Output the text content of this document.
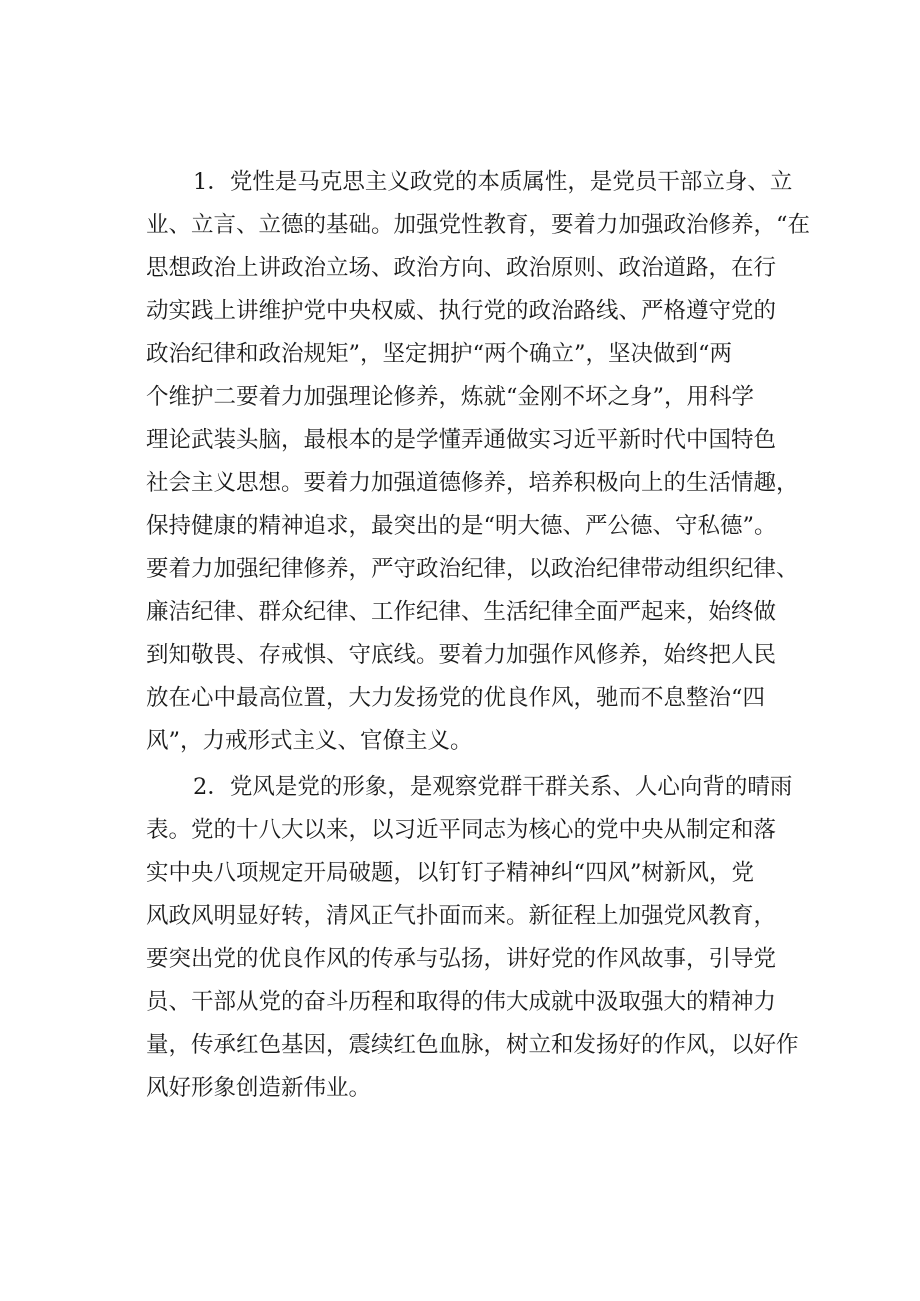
1．党性是马克思主义政党的本质属性，是党员干部立身、立
业、立言、立德的基础。加强党性教育，要着力加强政治修养，“在
思想政治上讲政治立场、政治方向、政治原则、政治道路，在行
动实践上讲维护党中央权威、执行党的政治路线、严格遵守党的
政治纪律和政治规矩”，坚定拥护“两个确立”，坚决做到“两
个维护二要着力加强理论修养，炼就“金刚不坏之身”，用科学
理论武装头脑，最根本的是学懂弄通做实习近平新时代中国特色
社会主义思想。要着力加强道德修养，培养积极向上的生活情趣，
保持健康的精神追求，最突出的是“明大德、严公德、守私德”。
要着力加强纪律修养，严守政治纪律，以政治纪律带动组织纪律、
廉洁纪律、群众纪律、工作纪律、生活纪律全面严起来，始终做
到知敬畏、存戒惧、守底线。要着力加强作风修养，始终把人民
放在心中最高位置，大力发扬党的优良作风，驰而不息整治“四
风”，力戒形式主义、官僚主义。
2．党风是党的形象，是观察党群干群关系、人心向背的晴雨
表。党的十八大以来，以习近平同志为核心的党中央从制定和落
实中央八项规定开局破题，以钉钉子精神纠“四风”树新风，党
风政风明显好转，清风正气扑面而来。新征程上加强党风教育，
要突出党的优良作风的传承与弘扬，讲好党的作风故事，引导党
员、干部从党的奋斗历程和取得的伟大成就中汲取强大的精神力
量，传承红色基因，震续红色血脉，树立和发扬好的作风，以好作
风好形象创造新伟业。
